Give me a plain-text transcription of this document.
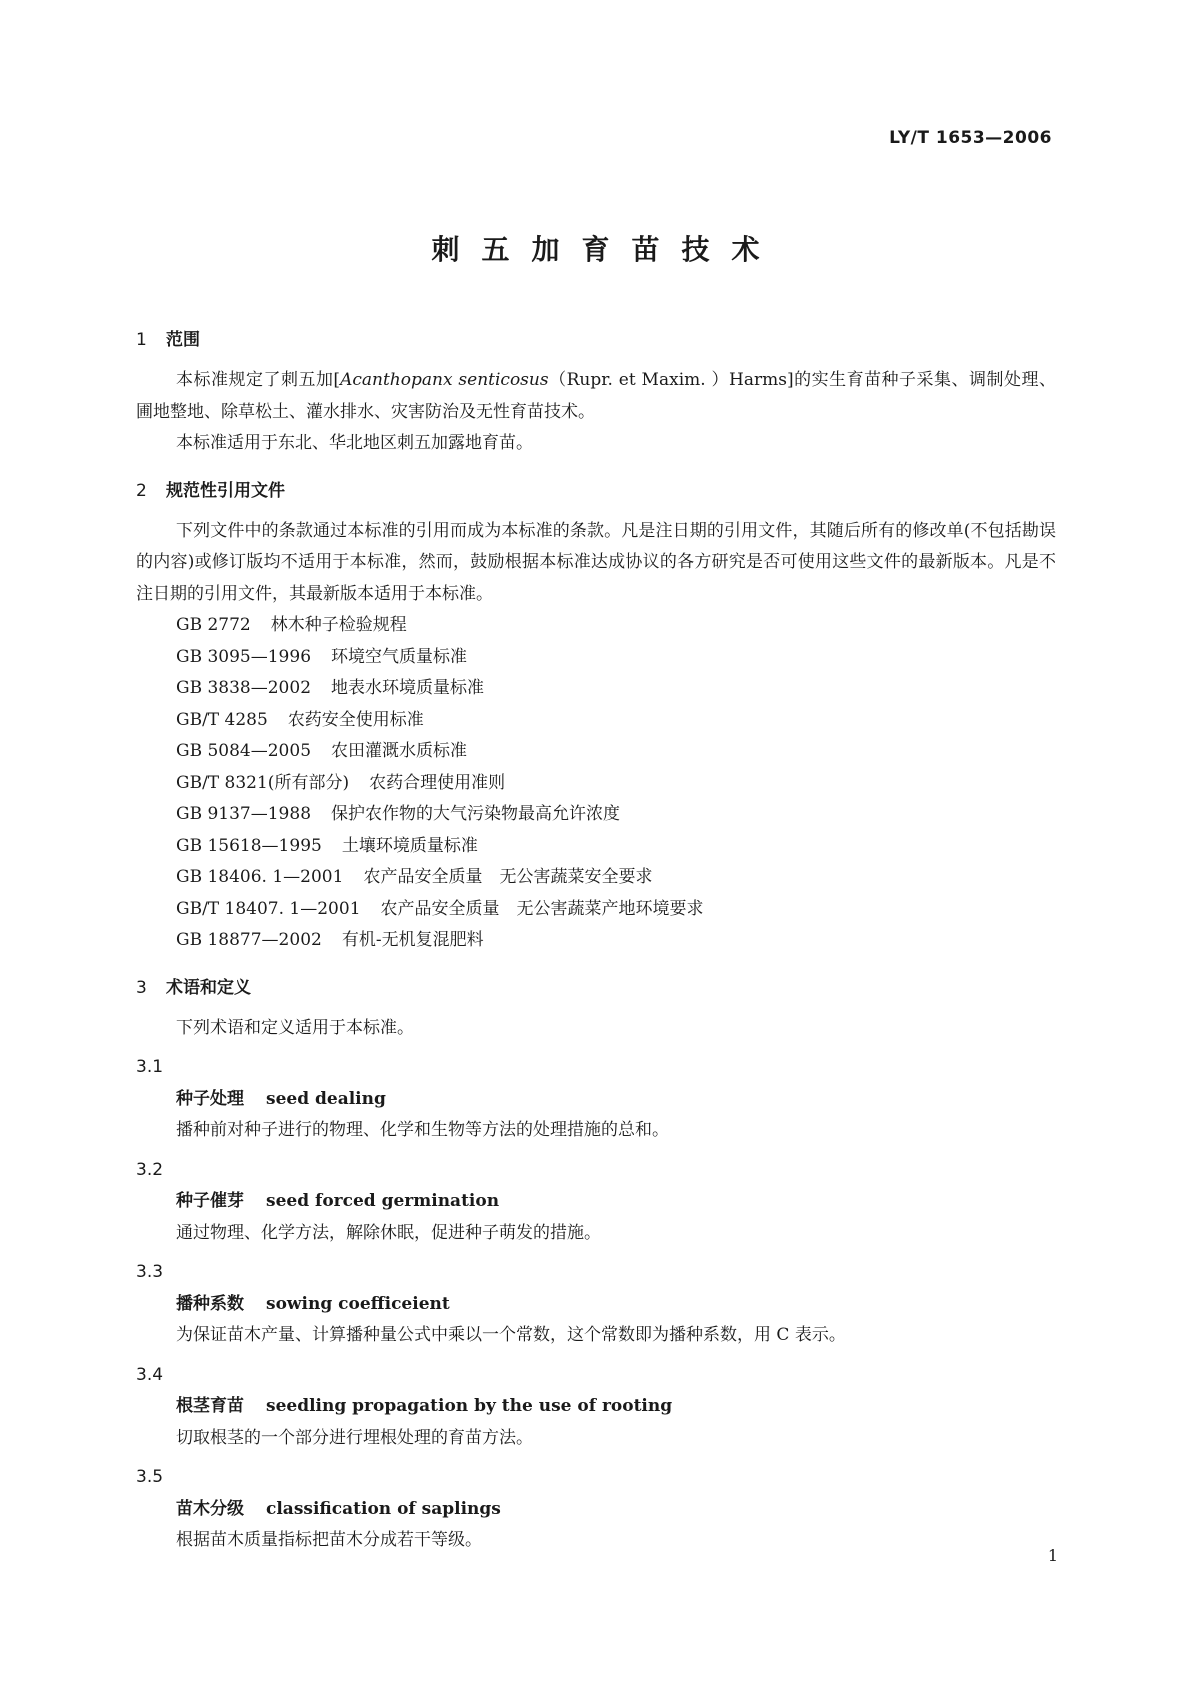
LY/T 1653—2006
刺五加育苗技术
1 范围
本标准规定了刺五加[Acanthopanx senticosus（Rupr. et Maxim. ）Harms]的实生育苗种子采集、调制处理、圃地整地、除草松土、灌水排水、灾害防治及无性育苗技术。
本标准适用于东北、华北地区刺五加露地育苗。
2 规范性引用文件
下列文件中的条款通过本标准的引用而成为本标准的条款。凡是注日期的引用文件，其随后所有的修改单(不包括勘误的内容)或修订版均不适用于本标准，然而，鼓励根据本标准达成协议的各方研究是否可使用这些文件的最新版本。凡是不注日期的引用文件，其最新版本适用于本标准。
GB 2772 林木种子检验规程
GB 3095—1996 环境空气质量标准
GB 3838—2002 地表水环境质量标准
GB/T 4285 农药安全使用标准
GB 5084—2005 农田灌溉水质标准
GB/T 8321(所有部分) 农药合理使用准则
GB 9137—1988 保护农作物的大气污染物最高允许浓度
GB 15618—1995 土壤环境质量标准
GB 18406. 1—2001 农产品安全质量　无公害蔬菜安全要求
GB/T 18407. 1—2001 农产品安全质量　无公害蔬菜产地环境要求
GB 18877—2002 有机-无机复混肥料
3 术语和定义
下列术语和定义适用于本标准。
3.1
种子处理 seed dealing
播种前对种子进行的物理、化学和生物等方法的处理措施的总和。
3.2
种子催芽 seed forced germination
通过物理、化学方法，解除休眠，促进种子萌发的措施。
3.3
播种系数 sowing coefficeient
为保证苗木产量、计算播种量公式中乘以一个常数，这个常数即为播种系数，用 C 表示。
3.4
根茎育苗 seedling propagation by the use of rooting
切取根茎的一个部分进行埋根处理的育苗方法。
3.5
苗木分级 classification of saplings
根据苗木质量指标把苗木分成若干等级。
1
